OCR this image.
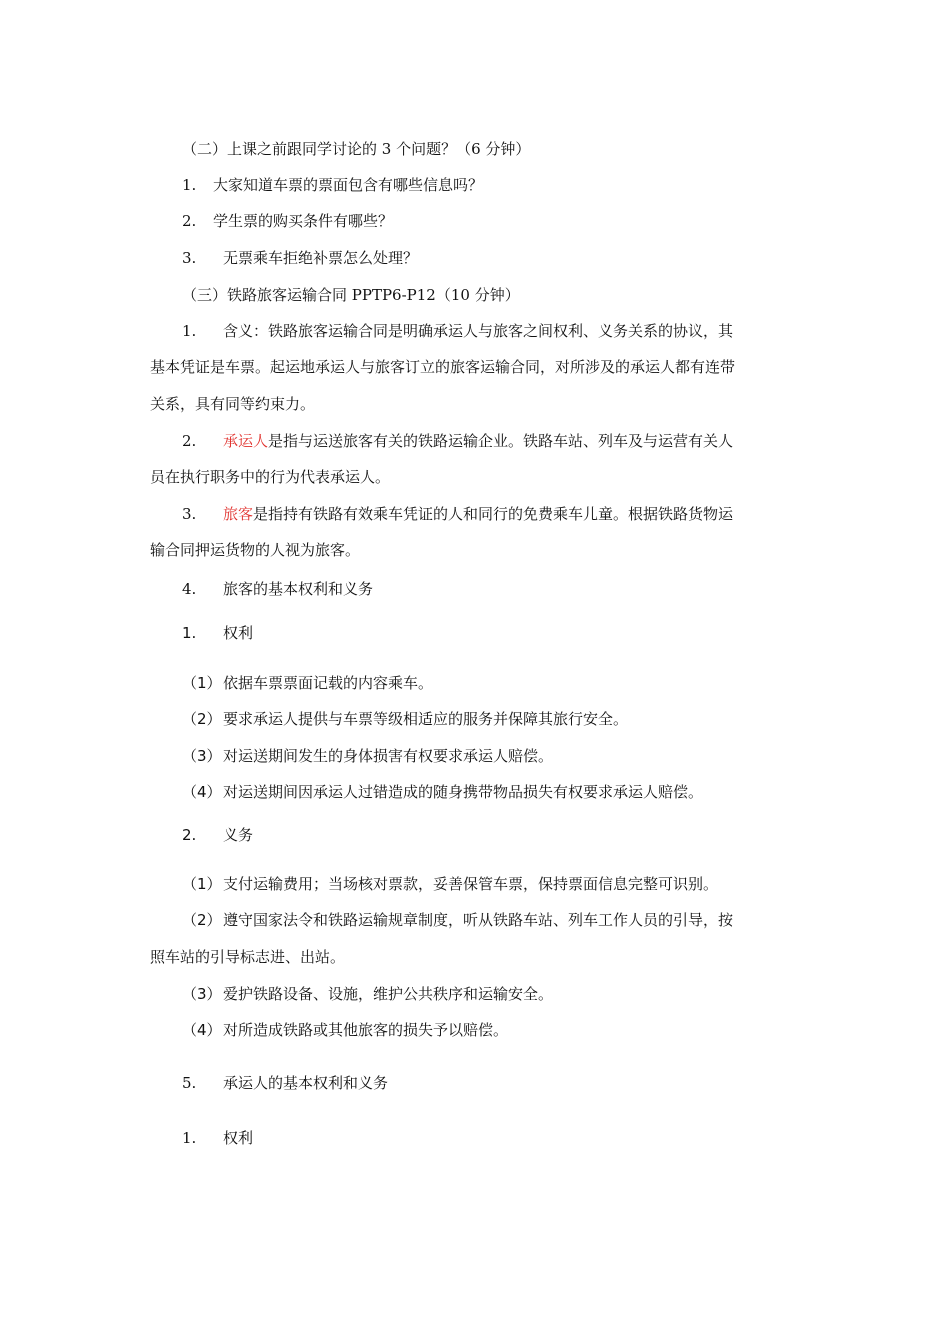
（二）上课之前跟同学讨论的 3 个问题？（6 分钟）
1. 大家知道车票的票面包含有哪些信息吗？
2. 学生票的购买条件有哪些？
3. 无票乘车拒绝补票怎么处理？
（三）铁路旅客运输合同 PPTP6-P12（10 分钟）
1. 含义：铁路旅客运输合同是明确承运人与旅客之间权利、义务关系的协议，其
基本凭证是车票。起运地承运人与旅客订立的旅客运输合同，对所涉及的承运人都有连带
关系，具有同等约束力。
2. 承运人是指与运送旅客有关的铁路运输企业。铁路车站、列车及与运营有关人
员在执行职务中的行为代表承运人。
3. 旅客是指持有铁路有效乘车凭证的人和同行的免费乘车儿童。根据铁路货物运
输合同押运货物的人视为旅客。
4. 旅客的基本权利和义务
1. 权利
（1） 依据车票票面记载的内容乘车。
（2） 要求承运人提供与车票等级相适应的服务并保障其旅行安全。
（3） 对运送期间发生的身体损害有权要求承运人赔偿。
（4） 对运送期间因承运人过错造成的随身携带物品损失有权要求承运人赔偿。
2. 义务
（1） 支付运输费用；当场核对票款，妥善保管车票，保持票面信息完整可识别。
（2） 遵守国家法令和铁路运输规章制度，听从铁路车站、列车工作人员的引导，按
照车站的引导标志进、出站。
（3） 爱护铁路设备、设施，维护公共秩序和运输安全。
（4） 对所造成铁路或其他旅客的损失予以赔偿。
5. 承运人的基本权利和义务
1. 权利
